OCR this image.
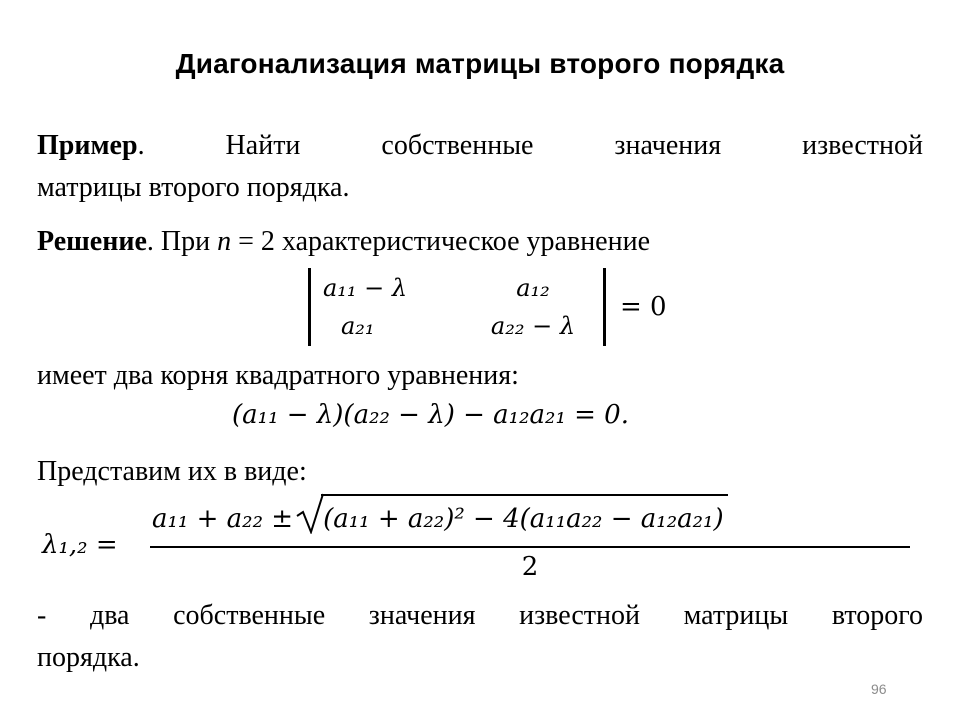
Диагонализация матрицы второго порядка
Пример. Найти собственные значения известной
матрицы второго порядка.
Решение. При n = 2 характеристическое уравнение
a₁₁ − λ	a₁₂
a₂₁	a₂₂ − λ
= 0
имеет два корня квадратного уравнения:
(a₁₁ − λ)(a₂₂ − λ) − a₁₂a₂₁ = 0.
Представим их в виде:
λ₁,₂ =
a₁₁ + a₂₂ ±	(a₁₁ + a₂₂)² − 4(a₁₁a₂₂ − a₁₂a₂₁)
2
- два собственные значения известной матрицы второго
порядка.
96
